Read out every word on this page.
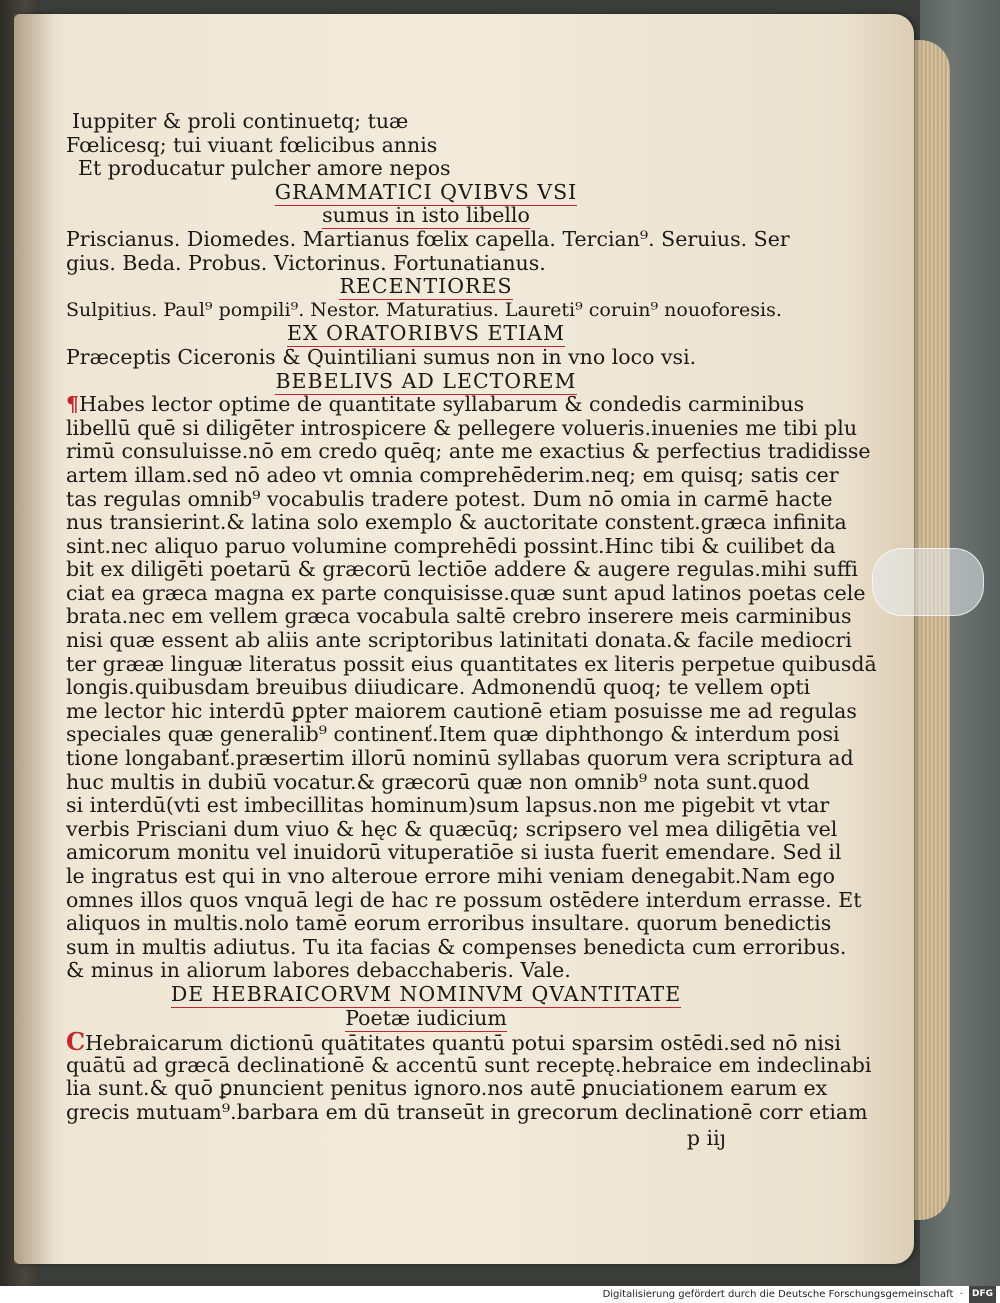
Iuppiter & proli continuetq; tuæ
Fœlicesq; tui viuant fœlicibus annis
Et producatur pulcher amore nepos
GRAMMATICI QVIBVS VSI
sumus in isto libello
Priscianus. Diomedes. Martianus fœlix capella. Tercian⁹. Seruius. Ser
gius. Beda. Probus. Victorinus. Fortunatianus.
RECENTIORES
Sulpitius. Paul⁹ pompili⁹. Nestor. Maturatius. Laureti⁹ coruin⁹ nouoforesis.
EX ORATORIBVS ETIAM
Præceptis Ciceronis & Quintiliani sumus non in vno loco vsi.
BEBELIVS AD LECTOREM
¶Habes lector optime de quantitate syllabarum & condedis carminibus
libellū quē si diligēter introspicere & pellegere volueris.inuenies me tibi plu
rimū consuluisse.nō em credo quēq; ante me exactius & perfectius tradidisse
artem illam.sed nō adeo vt omnia comprehēderim.neq; em quisq; satis cer
tas regulas omnib⁹ vocabulis tradere potest. Dum nō omia in carmē hacte
nus transierint.& latina solo exemplo & auctoritate constent.græca infinita
sint.nec aliquo paruo volumine comprehēdi possint.Hinc tibi & cuilibet da
bit ex diligēti poetarū & græcorū lectiōe addere & augere regulas.mihi suffi
ciat ea græca magna ex parte conquisisse.quæ sunt apud latinos poetas cele
brata.nec em vellem græca vocabula saltē crebro inserere meis carminibus
nisi quæ essent ab aliis ante scriptoribus latinitati donata.& facile mediocri
ter grææ linguæ literatus possit eius quantitates ex literis perpetue quibusdā
longis.quibusdam breuibus diiudicare. Admonendū quoq; te vellem opti
me lector hic interdū ꝑpter maiorem cautionē etiam posuisse me ad regulas
speciales quæ generalib⁹ continenť.Item quæ diphthongo & interdum posi
tione longabanť.præsertim illorū nominū syllabas quorum vera scriptura ad
huc multis in dubiū vocatur.& græcorū quæ non omnib⁹ nota sunt.quod
si interdū(vti est imbecillitas hominum)sum lapsus.non me pigebit vt vtar
verbis Prisciani dum viuo & hęc & quæcūq; scripsero vel mea diligētia vel
amicorum monitu vel inuidorū vituperatiōe si iusta fuerit emendare. Sed il
le ingratus est qui in vno alteroue errore mihi veniam denegabit.Nam ego
omnes illos quos vnquā legi de hac re possum ostēdere interdum errasse. Et
aliquos in multis.nolo tamē eorum erroribus insultare. quorum benedictis
sum in multis adiutus. Tu ita facias & compenses benedicta cum erroribus.
& minus in aliorum labores debacchaberis. Vale.
DE HEBRAICORVM NOMINVM QVANTITATE
Poetæ iudicium
CHebraicarum dictionū quātitates quantū potui sparsim ostēdi.sed nō nisi
quātū ad græcā declinationē & accentū sunt receptę.hebraice em indeclinabi
lia sunt.& quō ꝑnuncient penitus ignoro.nos autē ꝑnuciationem earum ex
grecis mutuam⁹.barbara em dū transeūt in grecorum declinationē corr etiam
p iiȷ
Digitalisierung gefördert durch die Deutsche Forschungsgemeinschaft · DFG
